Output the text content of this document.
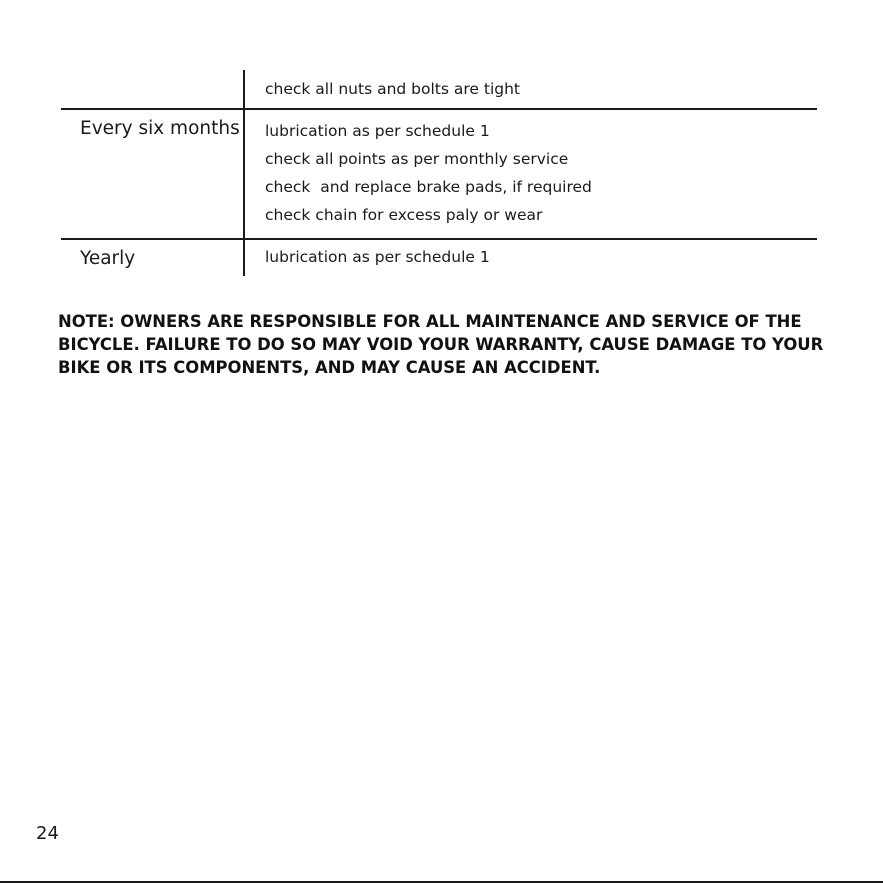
check all nuts and bolts are tight
Every six months	lubrication as per schedule 1
check all points as per monthly service
check  and replace brake pads, if required
check chain for excess paly or wear
Yearly	lubrication as per schedule 1

NOTE: OWNERS ARE RESPONSIBLE FOR ALL MAINTENANCE AND SERVICE OF THE BICYCLE. FAILURE TO DO SO MAY VOID YOUR WARRANTY, CAUSE DAMAGE TO YOUR BIKE OR ITS COMPONENTS, AND MAY CAUSE AN ACCIDENT.

24
